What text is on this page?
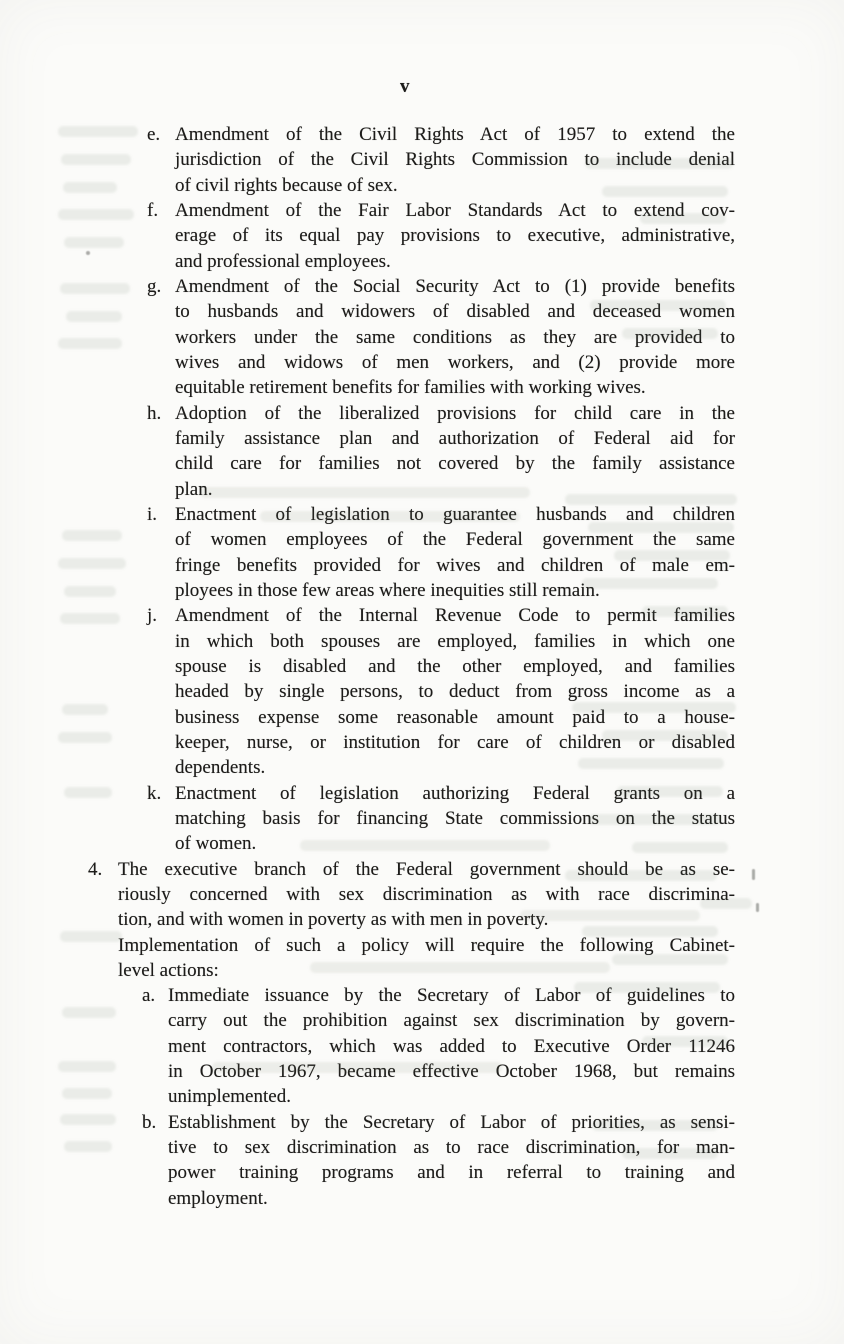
v
e. Amendment of the Civil Rights Act of 1957 to extend the
jurisdiction of the Civil Rights Commission to include denial
of civil rights because of sex.
f. Amendment of the Fair Labor Standards Act to extend cov-
erage of its equal pay provisions to executive, administrative,
and professional employees.
g. Amendment of the Social Security Act to (1) provide benefits
to husbands and widowers of disabled and deceased women
workers under the same conditions as they are provided to
wives and widows of men workers, and (2) provide more
equitable retirement benefits for families with working wives.
h. Adoption of the liberalized provisions for child care in the
family assistance plan and authorization of Federal aid for
child care for families not covered by the family assistance
plan.
i. Enactment of legislation to guarantee husbands and children
of women employees of the Federal government the same
fringe benefits provided for wives and children of male em-
ployees in those few areas where inequities still remain.
j. Amendment of the Internal Revenue Code to permit families
in which both spouses are employed, families in which one
spouse is disabled and the other employed, and families
headed by single persons, to deduct from gross income as a
business expense some reasonable amount paid to a house-
keeper, nurse, or institution for care of children or disabled
dependents.
k. Enactment of legislation authorizing Federal grants on a
matching basis for financing State commissions on the status
of women.
4. The executive branch of the Federal government should be as se-
riously concerned with sex discrimination as with race discrimina-
tion, and with women in poverty as with men in poverty.
Implementation of such a policy will require the following Cabinet-
level actions:
a. Immediate issuance by the Secretary of Labor of guidelines to
carry out the prohibition against sex discrimination by govern-
ment contractors, which was added to Executive Order 11246
in October 1967, became effective October 1968, but remains
unimplemented.
b. Establishment by the Secretary of Labor of priorities, as sensi-
tive to sex discrimination as to race discrimination, for man-
power training programs and in referral to training and
employment.
